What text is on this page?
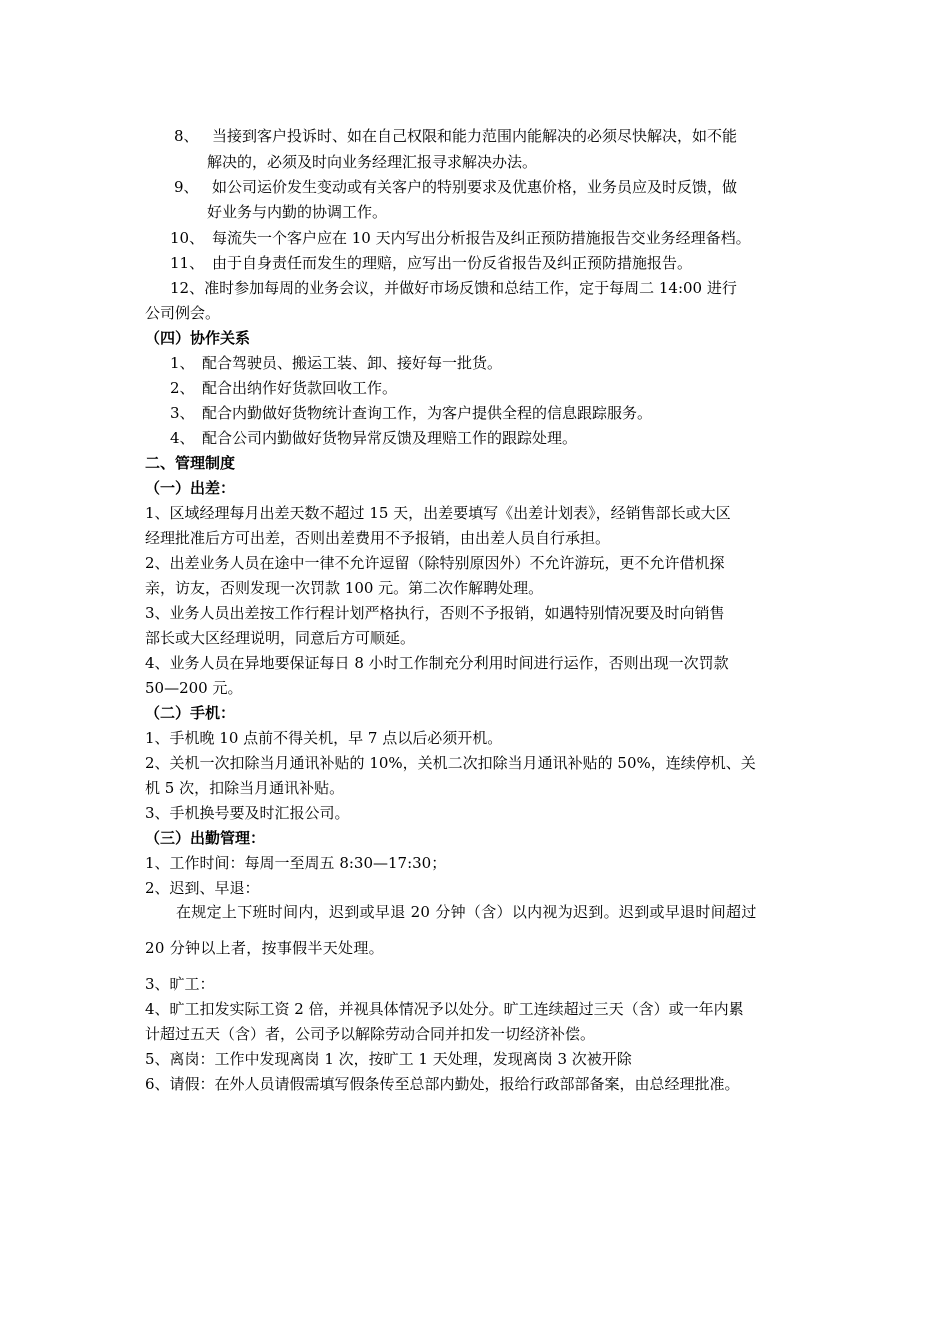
8、 当接到客户投诉时、如在自己权限和能力范围内能解决的必须尽快解决，如不能
解决的，必须及时向业务经理汇报寻求解决办法。
9、 如公司运价发生变动或有关客户的特别要求及优惠价格，业务员应及时反馈，做
好业务与内勤的协调工作。
10、 每流失一个客户应在 10 天内写出分析报告及纠正预防措施报告交业务经理备档。
11、 由于自身责任而发生的理赔，应写出一份反省报告及纠正预防措施报告。
12、准时参加每周的业务会议，并做好市场反馈和总结工作，定于每周二 14:00 进行
公司例会。
（四）协作关系
1、 配合驾驶员、搬运工装、卸、接好每一批货。
2、 配合出纳作好货款回收工作。
3、 配合内勤做好货物统计查询工作，为客户提供全程的信息跟踪服务。
4、 配合公司内勤做好货物异常反馈及理赔工作的跟踪处理。
二、管理制度
（一）出差：
1、区域经理每月出差天数不超过 15 天，出差要填写《出差计划表》，经销售部长或大区
经理批准后方可出差，否则出差费用不予报销，由出差人员自行承担。
2、出差业务人员在途中一律不允许逗留（除特别原因外）不允许游玩，更不允许借机探
亲，访友，否则发现一次罚款 100 元。第二次作解聘处理。
3、业务人员出差按工作行程计划严格执行，否则不予报销，如遇特别情况要及时向销售
部长或大区经理说明，同意后方可顺延。
4、业务人员在异地要保证每日 8 小时工作制充分利用时间进行运作，否则出现一次罚款
50—200 元。
（二）手机：
1、手机晚 10 点前不得关机，早 7 点以后必须开机。
2、关机一次扣除当月通讯补贴的 10%，关机二次扣除当月通讯补贴的 50%，连续停机、关
机 5 次，扣除当月通讯补贴。
3、手机换号要及时汇报公司。
（三）出勤管理：
1、工作时间：每周一至周五 8:30—17:30；
2、迟到、早退：
在规定上下班时间内，迟到或早退 20 分钟（含）以内视为迟到。迟到或早退时间超过
20 分钟以上者，按事假半天处理。
3、旷工：
4、旷工扣发实际工资 2 倍，并视具体情况予以处分。旷工连续超过三天（含）或一年内累
计超过五天（含）者，公司予以解除劳动合同并扣发一切经济补偿。
5、离岗：工作中发现离岗 1 次，按旷工 1 天处理，发现离岗 3 次被开除
6、请假：在外人员请假需填写假条传至总部内勤处，报给行政部部备案，由总经理批准。
